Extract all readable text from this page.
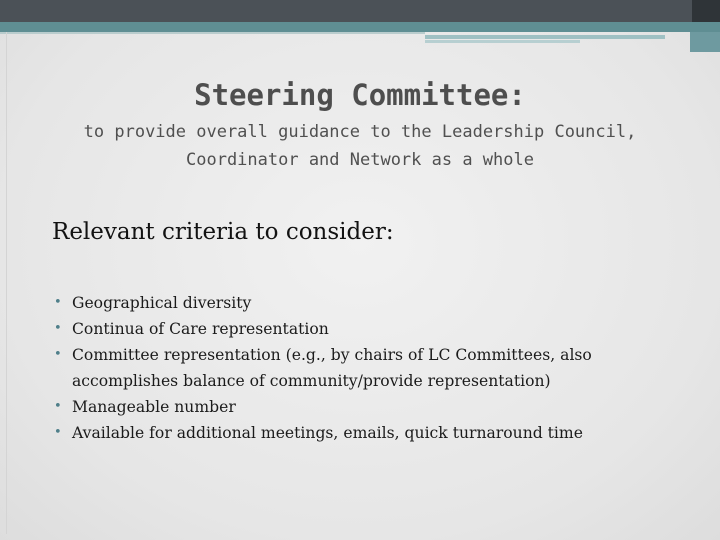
Steering Committee:
to provide overall guidance to the Leadership Council,
Coordinator and Network as a whole
Relevant criteria to consider:
• Geographical diversity
• Continua of Care representation
• Committee representation (e.g., by chairs of LC Committees, also accomplishes balance of community/provide representation)
• Manageable number
• Available for additional meetings, emails, quick turnaround time
